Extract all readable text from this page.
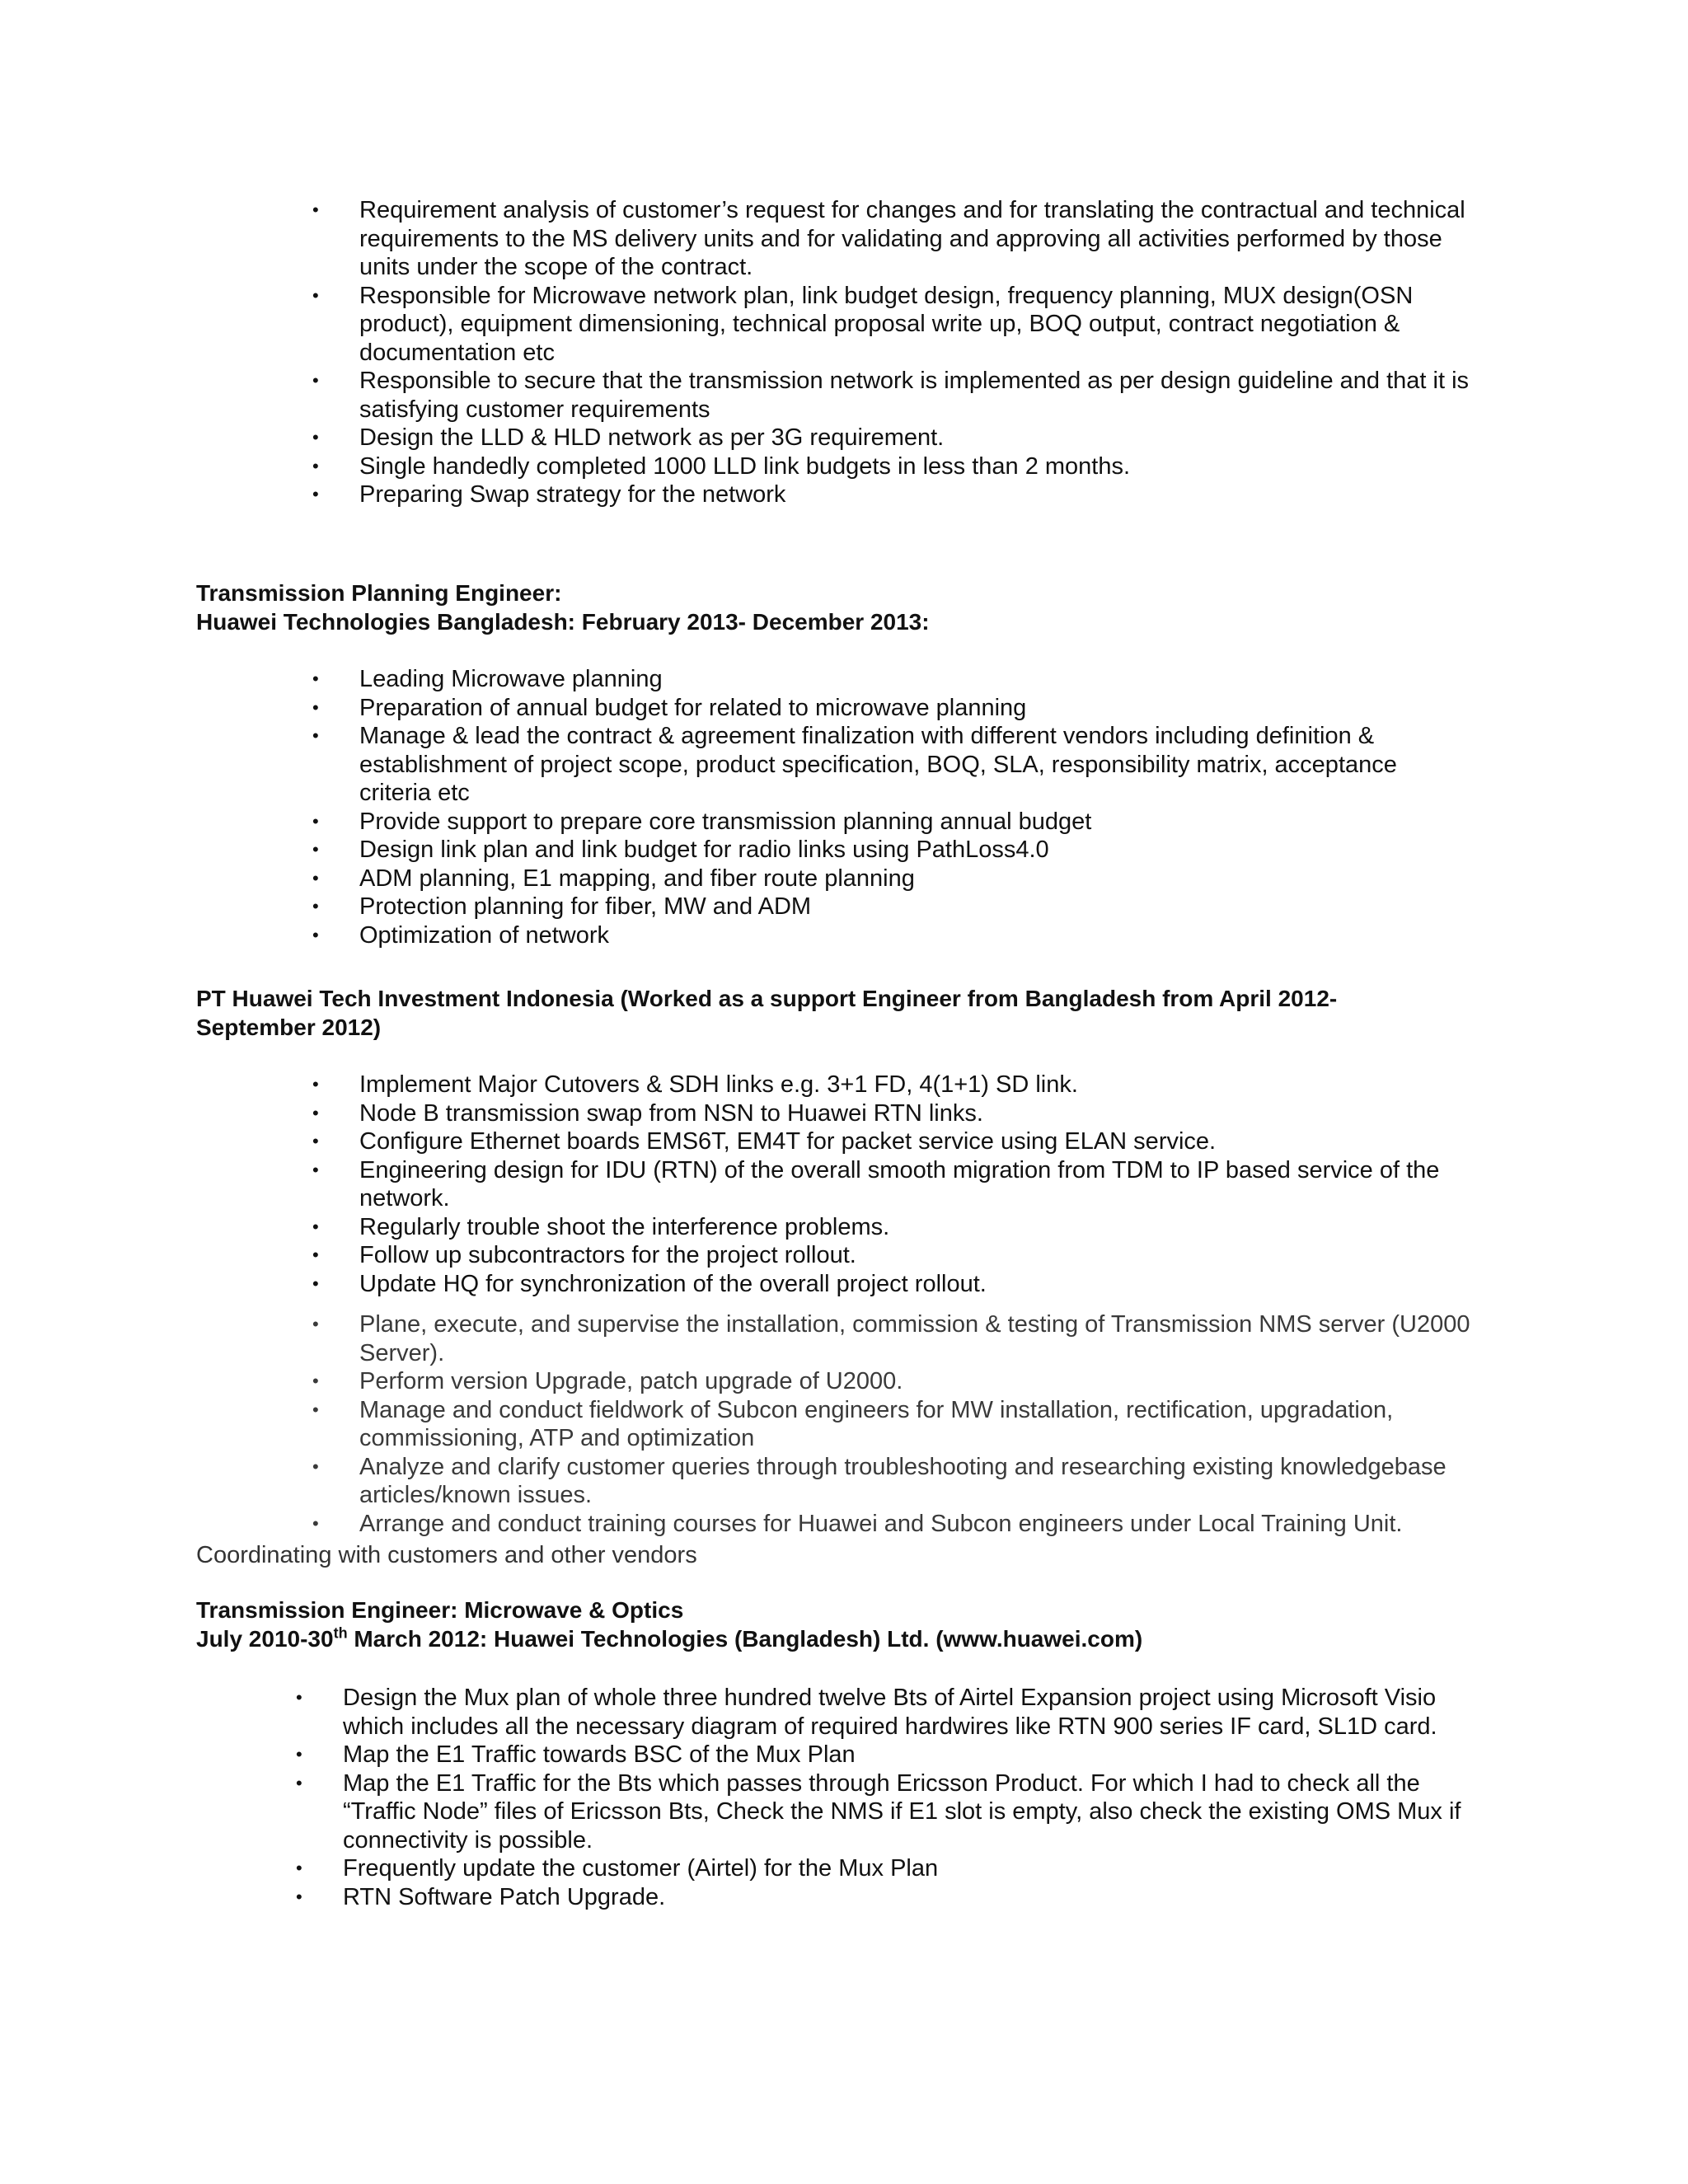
• Requirement analysis of customer’s request for changes and for translating the contractual and technical requirements to the MS delivery units and for validating and approving all activities performed by those units under the scope of the contract.
• Responsible for Microwave network plan, link budget design, frequency planning, MUX design(OSN product), equipment dimensioning, technical proposal write up, BOQ output, contract negotiation & documentation etc
• Responsible to secure that the transmission network is implemented as per design guideline and that it is satisfying customer requirements
• Design the LLD & HLD network as per 3G requirement.
• Single handedly completed 1000 LLD link budgets in less than 2 months.
• Preparing Swap strategy for the network

Transmission Planning Engineer:

Huawei Technologies Bangladesh: February 2013- December 2013:

• Leading Microwave planning
• Preparation of annual budget for related to microwave planning
• Manage & lead the contract & agreement finalization with different vendors including definition & establishment of project scope, product specification, BOQ, SLA, responsibility matrix, acceptance criteria etc
• Provide support to prepare core transmission planning annual budget
• Design link plan and link budget for radio links using PathLoss4.0
• ADM planning, E1 mapping, and fiber route planning
• Protection planning for fiber, MW and ADM
• Optimization of network

PT Huawei Tech Investment Indonesia (Worked as a support Engineer from Bangladesh from April 2012-

September 2012)

• Implement Major Cutovers & SDH links e.g. 3+1 FD, 4(1+1) SD link.
• Node B transmission swap from NSN to Huawei RTN links.
• Configure Ethernet boards EMS6T, EM4T for packet service using ELAN service.
• Engineering design for IDU (RTN) of the overall smooth migration from TDM to IP based service of the network.
• Regularly trouble shoot the interference problems.
• Follow up subcontractors for the project rollout.
• Update HQ for synchronization of the overall project rollout.
• Plane, execute, and supervise the installation, commission & testing of Transmission NMS server (U2000 Server).
• Perform version Upgrade, patch upgrade of U2000.
• Manage and conduct fieldwork of Subcon engineers for MW installation, rectification, upgradation, commissioning, ATP and optimization
• Analyze and clarify customer queries through troubleshooting and researching existing knowledgebase articles/known issues.
• Arrange and conduct training courses for Huawei and Subcon engineers under Local Training Unit.

Coordinating with customers and other vendors

Transmission Engineer: Microwave & Optics

July 2010-30th March 2012: Huawei Technologies (Bangladesh) Ltd. (www.huawei.com)

• Design the Mux plan of whole three hundred twelve Bts of Airtel Expansion project using Microsoft Visio which includes all the necessary diagram of required hardwires like RTN 900 series IF card, SL1D card.
• Map the E1 Traffic towards BSC of the Mux Plan
• Map the E1 Traffic for the Bts which passes through Ericsson Product. For which I had to check all the “Traffic Node” files of Ericsson Bts, Check the NMS if E1 slot is empty, also check the existing OMS Mux if connectivity is possible.
• Frequently update the customer (Airtel) for the Mux Plan
• RTN Software Patch Upgrade.
